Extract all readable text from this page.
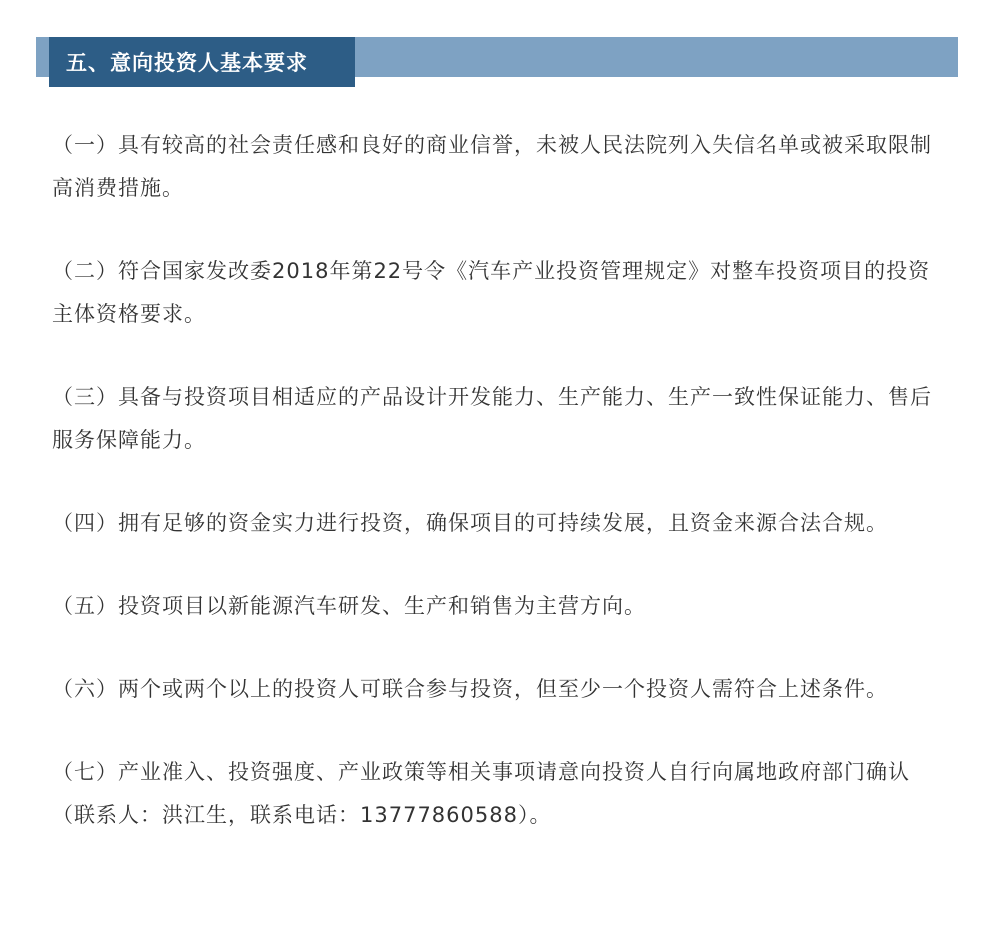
五、意向投资人基本要求

（一）具有较高的社会责任感和良好的商业信誉，未被人民法院列入失信名单或被采取限制高消费措施。

（二）符合国家发改委2018年第22号令《汽车产业投资管理规定》对整车投资项目的投资主体资格要求。

（三）具备与投资项目相适应的产品设计开发能力、生产能力、生产一致性保证能力、售后服务保障能力。

（四）拥有足够的资金实力进行投资，确保项目的可持续发展，且资金来源合法合规。

（五）投资项目以新能源汽车研发、生产和销售为主营方向。

（六）两个或两个以上的投资人可联合参与投资，但至少一个投资人需符合上述条件。

（七）产业准入、投资强度、产业政策等相关事项请意向投资人自行向属地政府部门确认（联系人：洪江生，联系电话：13777860588）。
